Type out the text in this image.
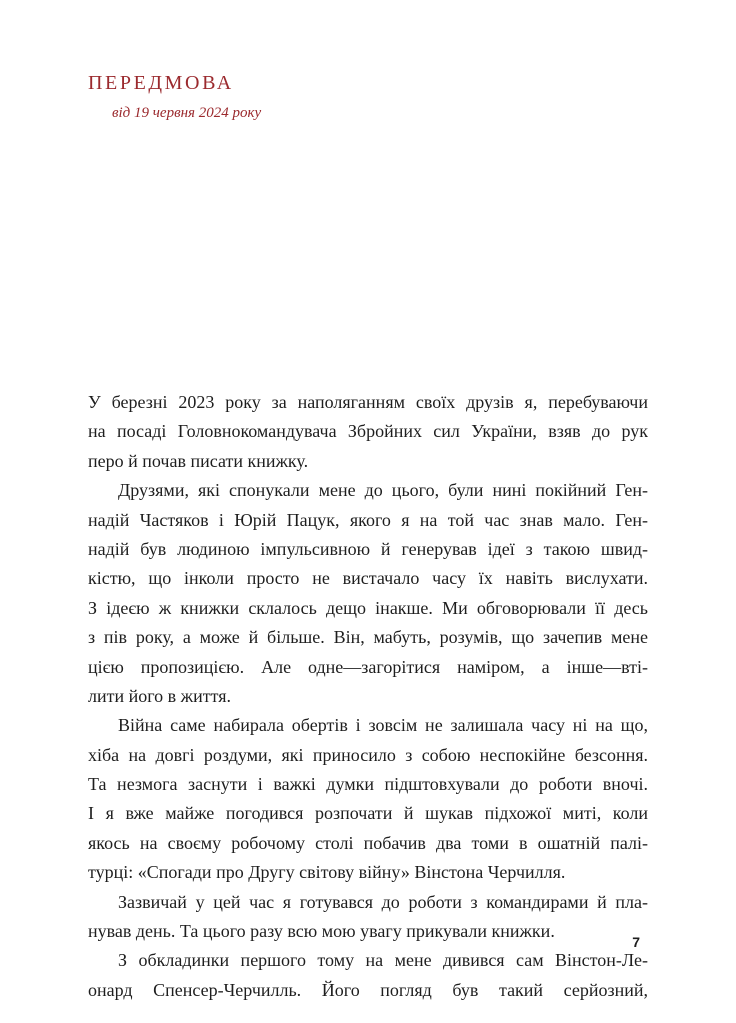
ПЕРЕДМОВА
від 19 червня 2024 року
У березні 2023 року за наполяганням своїх друзів я, перебуваючи
на посаді Головнокомандувача Збройних сил України, взяв до рук
перо й почав писати книжку.
Друзями, які спонукали мене до цього, були нині покійний Ген-
надій Частяков і Юрій Пацук, якого я на той час знав мало. Ген-
надій був людиною імпульсивною й генерував ідеї з такою швид-
кістю, що інколи просто не вистачало часу їх навіть вислухати.
З ідеєю ж книжки склалось дещо інакше. Ми обговорювали її десь
з пів року, а може й більше. Він, мабуть, розумів, що зачепив мене
цією пропозицією. Але одне—загорітися наміром, а інше—вті-
лити його в життя.
Війна саме набирала обертів і зовсім не залишала часу ні на що,
хіба на довгі роздуми, які приносило з собою неспокійне безсоння.
Та незмога заснути і важкі думки підштовхували до роботи вночі.
І я вже майже погодився розпочати й шукав підхожої миті, коли
якось на своєму робочому столі побачив два томи в ошатній палі-
турці: «Спогади про Другу світову війну» Вінстона Черчилля.
Зазвичай у цей час я готувався до роботи з командирами й пла-
нував день. Та цього разу всю мою увагу прикували книжки.
З обкладинки першого тому на мене дивився сам Вінстон-Ле-
онард Спенсер-Черчилль. Його погляд був такий серйозний,
7
